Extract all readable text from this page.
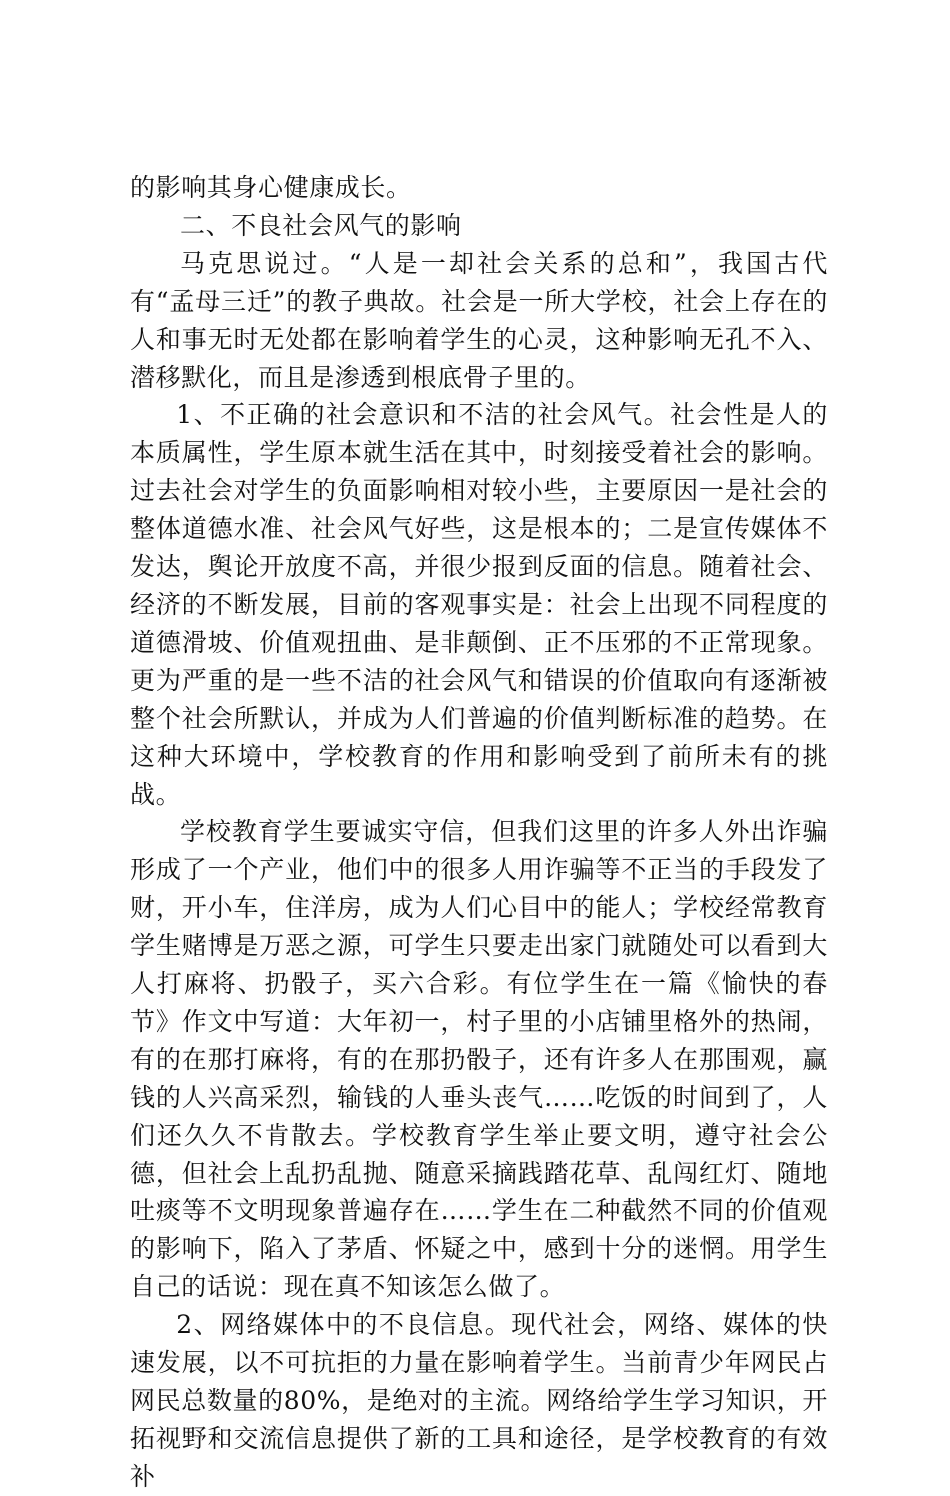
的影响其身心健康成长。

二、不良社会风气的影响

马克思说过。“人是一却社会关系的总和”，我国古代有“孟母三迁”的教子典故。社会是一所大学校，社会上存在的人和事无时无处都在影响着学生的心灵，这种影响无孔不入、潜移默化，而且是渗透到根底骨子里的。

1、不正确的社会意识和不洁的社会风气。社会性是人的本质属性，学生原本就生活在其中，时刻接受着社会的影响。过去社会对学生的负面影响相对较小些，主要原因一是社会的整体道德水准、社会风气好些，这是根本的；二是宣传媒体不发达，舆论开放度不高，并很少报到反面的信息。随着社会、经济的不断发展，目前的客观事实是：社会上出现不同程度的道德滑坡、价值观扭曲、是非颠倒、正不压邪的不正常现象。更为严重的是一些不洁的社会风气和错误的价值取向有逐渐被整个社会所默认，并成为人们普遍的价值判断标准的趋势。在这种大环境中，学校教育的作用和影响受到了前所未有的挑战。

学校教育学生要诚实守信，但我们这里的许多人外出诈骗形成了一个产业，他们中的很多人用诈骗等不正当的手段发了财，开小车，住洋房，成为人们心目中的能人；学校经常教育学生赌博是万恶之源，可学生只要走出家门就随处可以看到大人打麻将、扔骰子，买六合彩。有位学生在一篇《愉快的春节》作文中写道：大年初一，村子里的小店铺里格外的热闹，有的在那打麻将，有的在那扔骰子，还有许多人在那围观，赢钱的人兴高采烈，输钱的人垂头丧气……吃饭的时间到了，人们还久久不肯散去。学校教育学生举止要文明，遵守社会公德，但社会上乱扔乱抛、随意采摘践踏花草、乱闯红灯、随地吐痰等不文明现象普遍存在……学生在二种截然不同的价值观的影响下，陷入了茅盾、怀疑之中，感到十分的迷惘。用学生自己的话说：现在真不知该怎么做了。

2、网络媒体中的不良信息。现代社会，网络、媒体的快速发展，以不可抗拒的力量在影响着学生。当前青少年网民占网民总数量的80%，是绝对的主流。网络给学生学习知识，开拓视野和交流信息提供了新的工具和途径，是学校教育的有效补
